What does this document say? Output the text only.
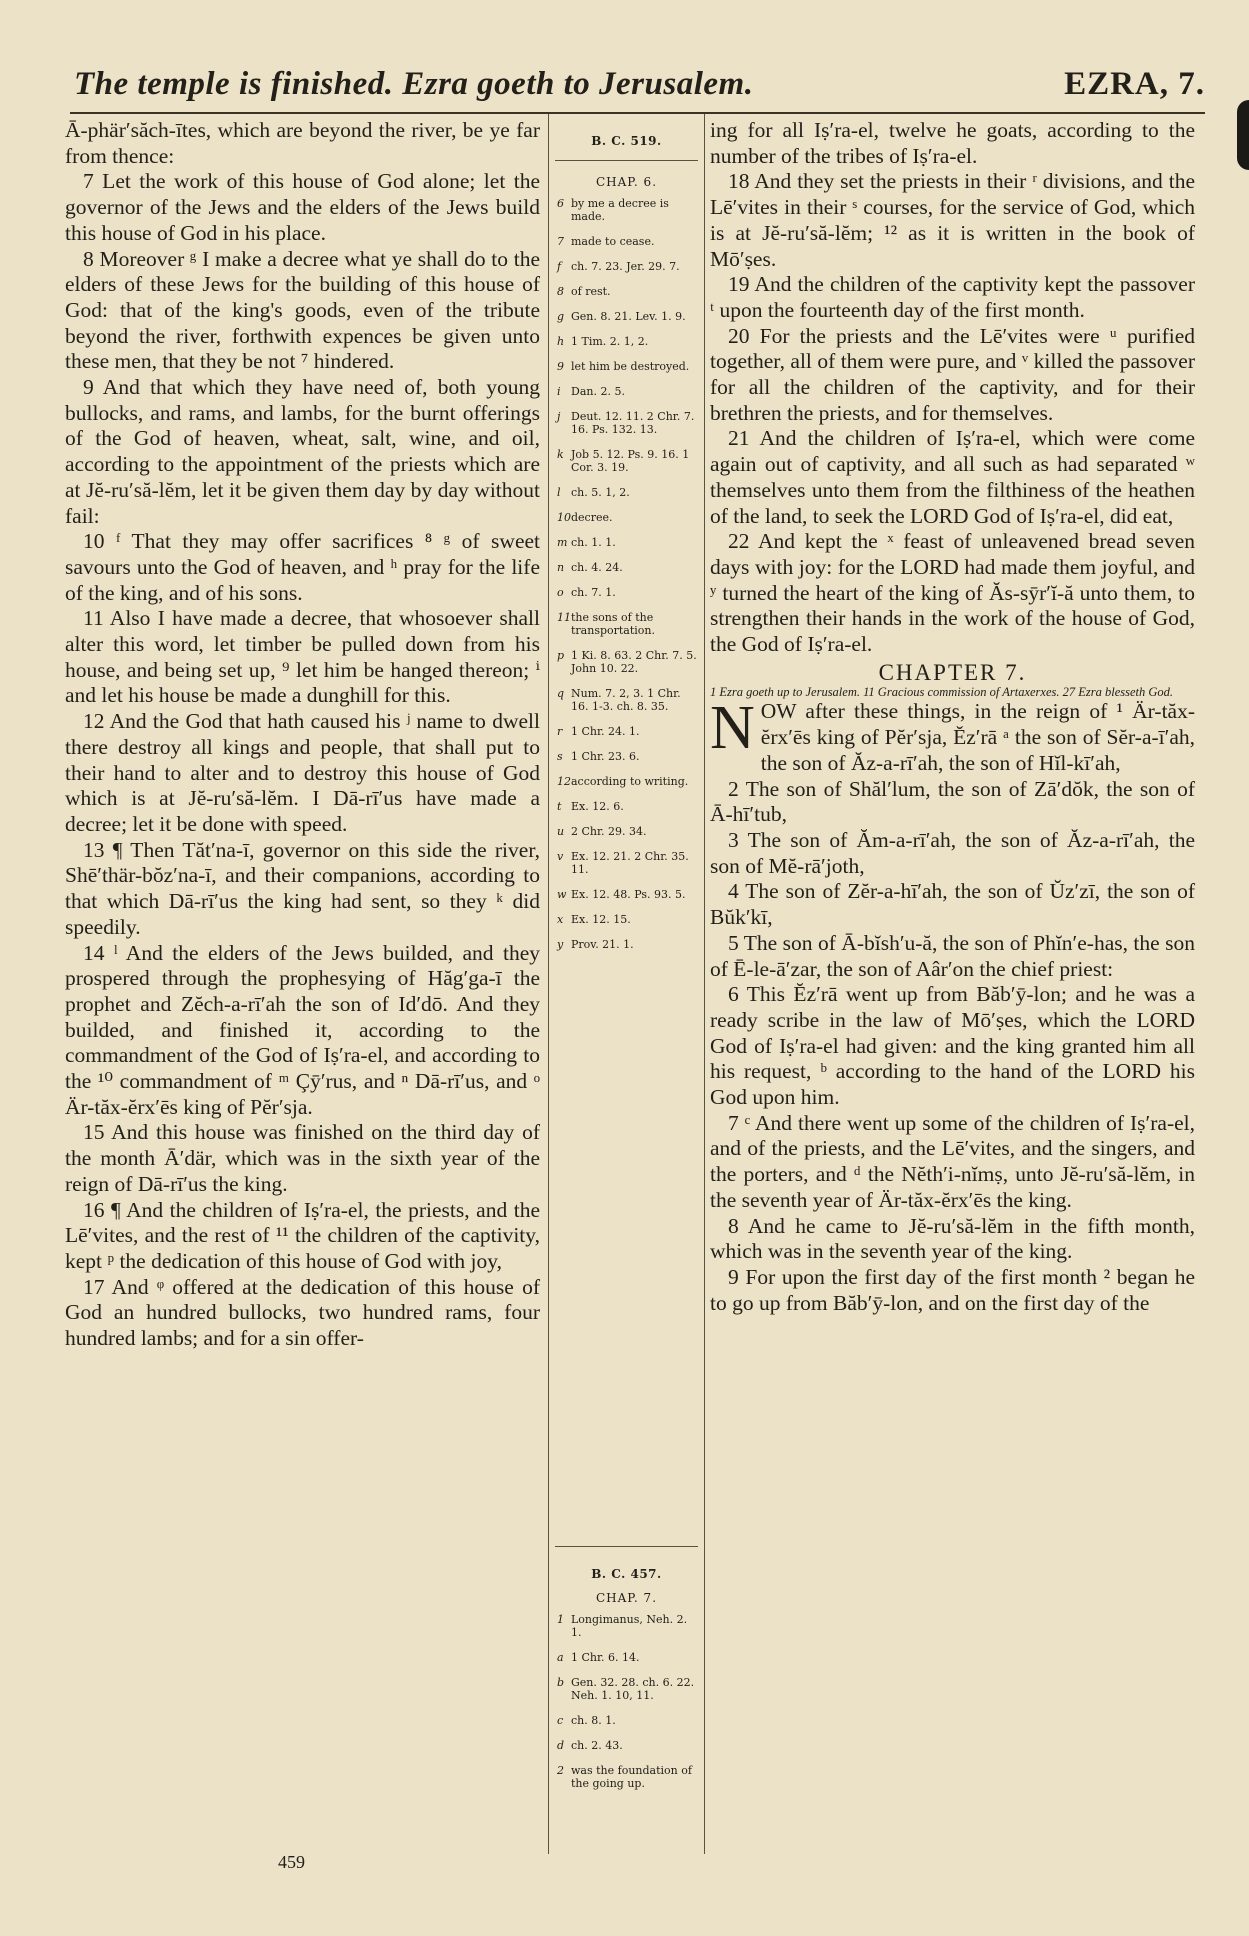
The temple is finished. Ezra goeth to Jerusalem.	EZRA, 7.

Ā-phär′săch-ītes, which are beyond the river, be ye far from thence:

7 Let the work of this house of God alone; let the governor of the Jews and the elders of the Jews build this house of God in his place.

8 Moreover ᵍ I make a decree what ye shall do to the elders of these Jews for the building of this house of God: that of the king's goods, even of the tribute beyond the river, forthwith expences be given unto these men, that they be not ⁷ hindered.

9 And that which they have need of, both young bullocks, and rams, and lambs, for the burnt offerings of the God of heaven, wheat, salt, wine, and oil, according to the appointment of the priests which are at Jĕ-ru′să-lĕm, let it be given them day by day without fail:

10 ᶠ That they may offer sacrifices ⁸ ᵍ of sweet savours unto the God of heaven, and ʰ pray for the life of the king, and of his sons.

11 Also I have made a decree, that whosoever shall alter this word, let timber be pulled down from his house, and being set up, ⁹ let him be hanged thereon; ⁱ and let his house be made a dunghill for this.

12 And the God that hath caused his ʲ name to dwell there destroy all kings and people, that shall put to their hand to alter and to destroy this house of God which is at Jĕ-ru′să-lĕm. I Dā-rī′us have made a decree; let it be done with speed.

13 ¶ Then Tăt′na-ī, governor on this side the river, Shē′thär-bŏz′na-ī, and their companions, according to that which Dā-rī′us the king had sent, so they ᵏ did speedily.

14 ˡ And the elders of the Jews builded, and they prospered through the prophesying of Hăg′ga-ī the prophet and Zĕch-a-rī′ah the son of Id′dō. And they builded, and finished it, according to the commandment of the God of Iṣ′ra-el, and according to the ¹⁰ commandment of ᵐ Çȳ′rus, and ⁿ Dā-rī′us, and ᵒ Är-tăx-ĕrx′ēs king of Pĕr′sja.

15 And this house was finished on the third day of the month Ā′där, which was in the sixth year of the reign of Dā-rī′us the king.

16 ¶ And the children of Iṣ′ra-el, the priests, and the Lē′vites, and the rest of ¹¹ the children of the captivity, kept ᵖ the dedication of this house of God with joy,

17 And ᵠ offered at the dedication of this house of God an hundred bullocks, two hundred rams, four hundred lambs; and for a sin offer-

B. C. 519.
CHAP. 6.
6 by me a decree is made.
7 made to cease.
f ch. 7. 23. Jer. 29. 7.
8 of rest.
g Gen. 8. 21. Lev. 1. 9.
h 1 Tim. 2. 1, 2.
9 let him be destroyed.
i Dan. 2. 5.
j Deut. 12. 11. 2 Chr. 7. 16. Ps. 132. 13.
k Job 5. 12. Ps. 9. 16. 1 Cor. 3. 19.
l ch. 5. 1, 2.
10 decree.
m ch. 1. 1.
n ch. 4. 24.
o ch. 7. 1.
11 the sons of the transportation.
p 1 Ki. 8. 63. 2 Chr. 7. 5. John 10. 22.
q Num. 7. 2, 3. 1 Chr. 16. 1-3. ch. 8. 35.
r 1 Chr. 24. 1.
s 1 Chr. 23. 6.
12 according to writing.
t Ex. 12. 6.
u 2 Chr. 29. 34.
v Ex. 12. 21. 2 Chr. 35. 11.
w Ex. 12. 48. Ps. 93. 5.
x Ex. 12. 15.
y Prov. 21. 1.
B. C. 457.
CHAP. 7.
1 Longimanus, Neh. 2. 1.
a 1 Chr. 6. 14.
b Gen. 32. 28. ch. 6. 22. Neh. 1. 10, 11.
c ch. 8. 1.
d ch. 2. 43.
2 was the foundation of the going up.

ing for all Iṣ′ra-el, twelve he goats, according to the number of the tribes of Iṣ′ra-el.

18 And they set the priests in their ʳ divisions, and the Lē′vites in their ˢ courses, for the service of God, which is at Jĕ-ru′să-lĕm; ¹² as it is written in the book of Mō′ṣes.

19 And the children of the captivity kept the passover ᵗ upon the fourteenth day of the first month.

20 For the priests and the Lē′vites were ᵘ purified together, all of them were pure, and ᵛ killed the passover for all the children of the captivity, and for their brethren the priests, and for themselves.

21 And the children of Iṣ′ra-el, which were come again out of captivity, and all such as had separated ʷ themselves unto them from the filthiness of the heathen of the land, to seek the LORD God of Iṣ′ra-el, did eat,

22 And kept the ˣ feast of unleavened bread seven days with joy: for the LORD had made them joyful, and ʸ turned the heart of the king of Ăs-sȳr′ĭ-ă unto them, to strengthen their hands in the work of the house of God, the God of Iṣ′ra-el.

CHAPTER 7.

1 Ezra goeth up to Jerusalem. 11 Gracious commission of Artaxerxes. 27 Ezra blesseth God.

NOW after these things, in the reign of ¹ Är-tăx-ĕrx′ēs king of Pĕr′sja, Ĕz′rā ᵃ the son of Sĕr-a-ī′ah, the son of Ăz-a-rī′ah, the son of Hĭl-kī′ah,

2 The son of Shăl′lum, the son of Zā′dŏk, the son of Ā-hī′tub,

3 The son of Ăm-a-rī′ah, the son of Ăz-a-rī′ah, the son of Mĕ-rā′joth,

4 The son of Zĕr-a-hī′ah, the son of Ŭz′zī, the son of Bŭk′kī,

5 The son of Ā-bĭsh′u-ă, the son of Phĭn′e-has, the son of Ē-le-ā′zar, the son of Aâr′on the chief priest:

6 This Ĕz′rā went up from Băb′ȳ-lon; and he was a ready scribe in the law of Mō′ṣes, which the LORD God of Iṣ′ra-el had given: and the king granted him all his request, ᵇ according to the hand of the LORD his God upon him.

7 ᶜ And there went up some of the children of Iṣ′ra-el, and of the priests, and the Lē′vites, and the singers, and the porters, and ᵈ the Nĕth′i-nĭmṣ, unto Jĕ-ru′să-lĕm, in the seventh year of Är-tăx-ĕrx′ēs the king.

8 And he came to Jĕ-ru′să-lĕm in the fifth month, which was in the seventh year of the king.

9 For upon the first day of the first month ² began he to go up from Băb′ȳ-lon, and on the first day of the

459
